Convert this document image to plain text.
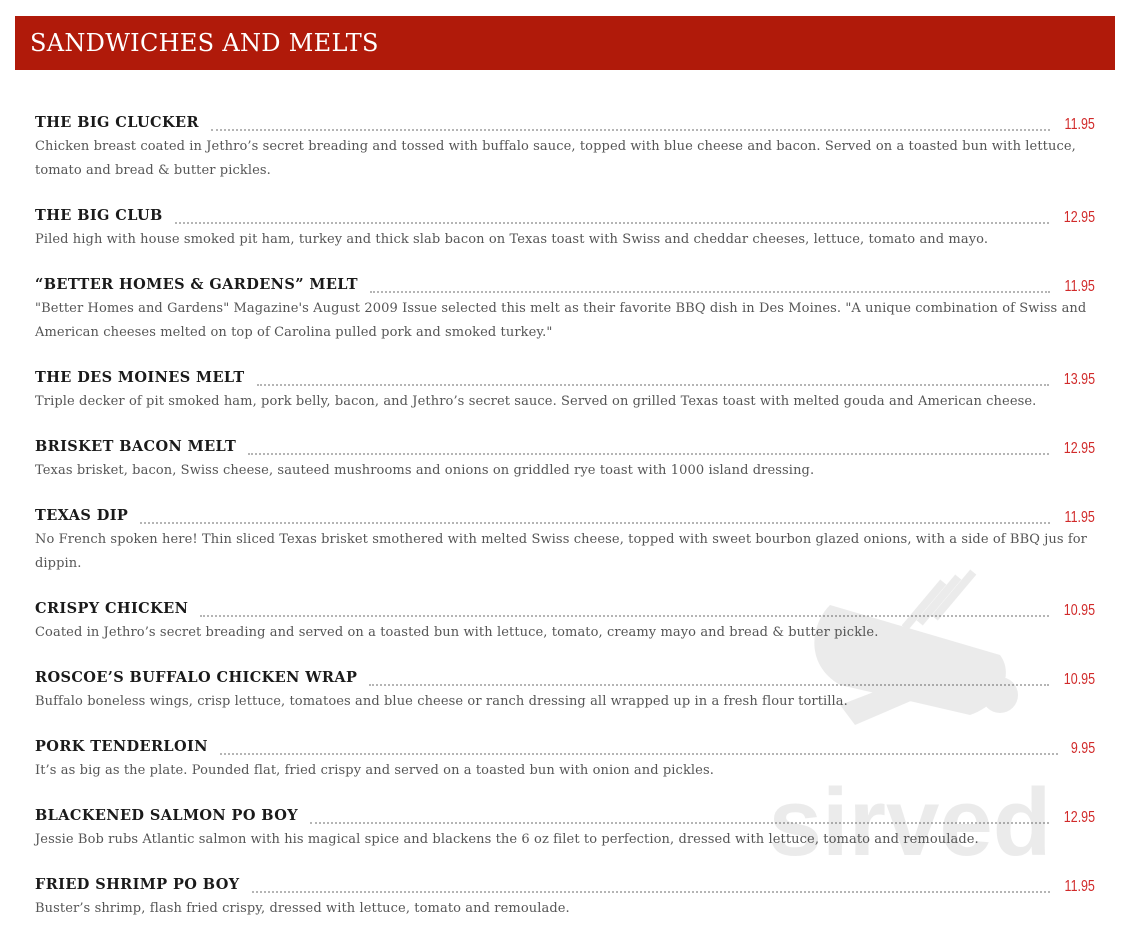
SANDWICHES AND MELTS
THE BIG CLUCKER	11.95
Chicken breast coated in Jethro’s secret breading and tossed with buffalo sauce, topped with blue cheese and bacon. Served on a toasted bun with lettuce, tomato and bread & butter pickles.
THE BIG CLUB	12.95
Piled high with house smoked pit ham, turkey and thick slab bacon on Texas toast with Swiss and cheddar cheeses, lettuce, tomato and mayo.
“BETTER HOMES & GARDENS”￼ MELT	11.95
"Better Homes and Gardens" Magazine's August 2009 Issue selected this melt as their favorite BBQ dish in Des Moines. "A unique combination of Swiss and American cheeses melted on top of Carolina pulled pork and smoked turkey."
THE DES MOINES MELT	13.95
Triple decker of pit smoked ham, pork belly, bacon, and Jethro’s secret sauce. Served on grilled Texas toast with melted gouda and American cheese.
BRISKET BACON MELT	12.95
Texas brisket, bacon, Swiss cheese, sauteed mushrooms and onions on griddled rye toast with 1000 island dressing.
TEXAS DIP	11.95
No French spoken here! Thin sliced Texas brisket smothered with melted Swiss cheese, topped with sweet bourbon glazed onions, with a side of BBQ jus for dippin.
CRISPY CHICKEN	10.95
Coated in Jethro’s secret breading and served on a toasted bun with lettuce, tomato, creamy mayo and bread & butter pickle.
ROSCOE’S BUFFALO CHICKEN WRAP	10.95
Buffalo boneless wings, crisp lettuce, tomatoes and blue cheese or ranch dressing all wrapped up in a fresh flour tortilla.
PORK TENDERLOIN	9.95
It’s as big as the plate. Pounded flat, fried crispy and served on a toasted bun with onion and pickles.
BLACKENED SALMON PO BOY	12.95
Jessie Bob rubs Atlantic salmon with his magical spice and blackens the 6 oz filet to perfection, dressed with lettuce, tomato and remoulade.
FRIED SHRIMP PO BOY	11.95
Buster’s shrimp, flash fried crispy, dressed with lettuce, tomato and remoulade.
sirved
